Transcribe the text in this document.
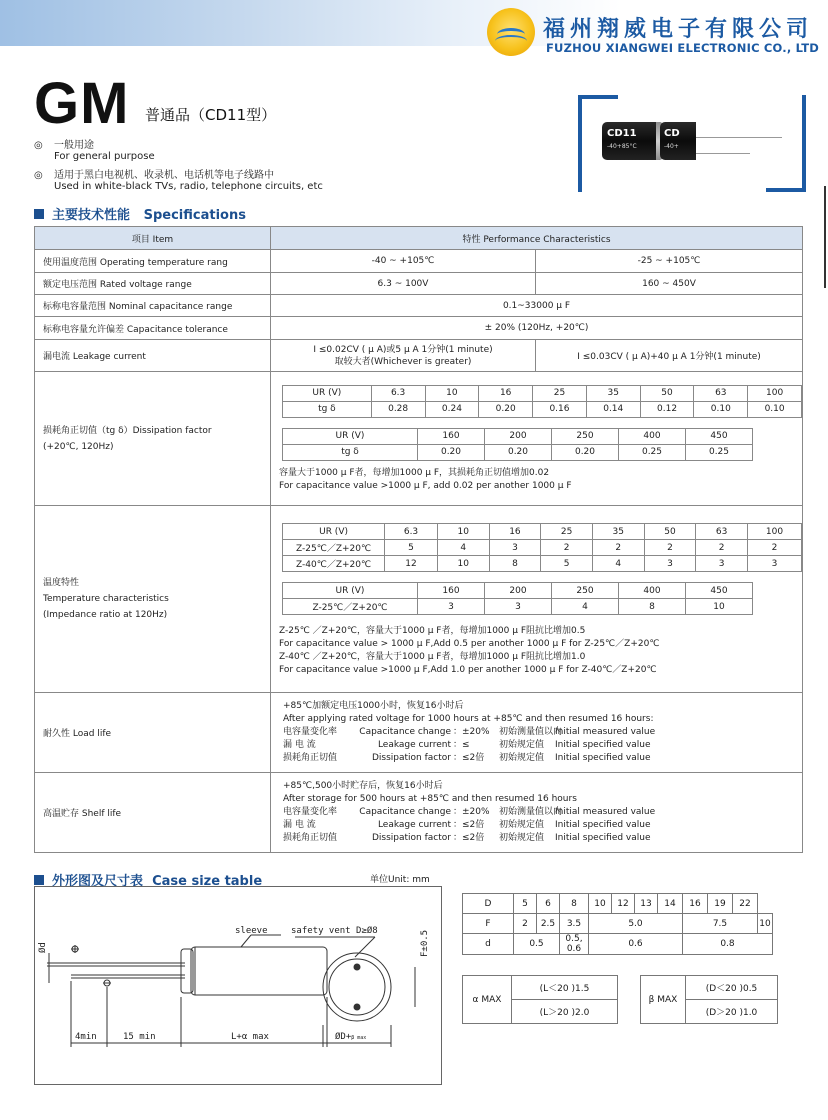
福州翔威电子有限公司
FUZHOU XIANGWEI ELECTRONIC CO., LTD
GM 普通品（CD11型）
◎ 一般用途
For general purpose
◎ 适用于黑白电视机、收录机、电话机等电子线路中
Used in white-black TVs, radio, telephone circuits, etc
CD11
-40+85°C
CD
-40+
主要技术性能 Specifications
项目 Item	特性 Performance Characteristics
使用温度范围 Operating temperature rang	-40 ~ +105℃	-25 ~ +105℃
额定电压范围 Rated voltage range	6.3 ~ 100V	160 ~ 450V
标称电容量范围 Nominal capacitance range	0.1~33000 μ F
标称电容量允许偏差 Capacitance tolerance	± 20% (120Hz, +20℃)
漏电流 Leakage current	
I ≤0.02CV ( μ A)或5 μ A 1分钟(1 minute)
取较大者(Whichever is greater)	I ≤0.03CV ( μ A)+40 μ A 1分钟(1 minute)

损耗角正切值（tg δ）Dissipation factor
(+20℃, 120Hz)

UR (V)	6.3	10	16	25	35	50	63	100
tg δ	0.28	0.24	0.20	0.16	0.14	0.12	0.10	0.10
UR (V)	160	200	250	400	450
tg δ	0.20	0.20	0.20	0.25	0.25
容量大于1000 μ F者，每增加1000 μ F，其损耗角正切值增加0.02
For capacitance value >1000 μ F, add 0.02 per another 1000 μ F

温度特性
Temperature characteristics
(Impedance ratio at 120Hz)

UR (V)	6.3	10	16	25	35	50	63	100
Z-25℃／Z+20℃	5	4	3	2	2	2	2	2
Z-40℃／Z+20℃	12	10	8	5	4	3	3	3
UR (V)	160	200	250	400	450
Z-25℃／Z+20℃	3	3	4	8	10
Z-25℃ ／Z+20℃，容量大于1000 μ F者，每增加1000 μ F阻抗比增加0.5
For capacitance value > 1000 μ F,Add 0.5 per another 1000 μ F for Z-25℃／Z+20℃
Z-40℃ ／Z+20℃，容量大于1000 μ F者，每增加1000 μ F阻抗比增加1.0
For capacitance value >1000 μ F,Add 1.0 per another 1000 μ F for Z-40℃／Z+20℃

耐久性 Load life	
+85℃加额定电压1000小时，恢复16小时后
After applying rated voltage for 1000 hours at +85℃ and then resumed 16 hours:
电容量变化率 Capacitance change ：±20% 初始测量值以内Initial measured value
漏 电 流	Leakage current ：≤	初始规定值 Initial specified value
损耗角正切值	Dissipation factor ：≤2倍 初始规定值 Initial specified value

高温贮存 Shelf life	
+85℃,500小时贮存后，恢复16小时后
After storage for 500 hours at +85℃ and then resumed 16 hours
电容量变化率 Capacitance change ：±20% 初始测量值以内Initial measured value
漏 电 流	Leakage current ：≤2倍 初始规定值 Initial specified value
损耗角正切值	Dissipation factor ：≤2倍 初始规定值 Initial specified value
外形图及尺寸表 Case size table	单位Unit: mm
Ød
sleeve	safety vent D≥Ø8	F±0.5
4min	15 min	L+α max	ØD+β max
D	5	6	8	10	12	13	14	16	19	22	
F	2	2.5	3.5	5.0				7.5			10
d	0.5		0.5, 0.6	0.6				0.8			
α MAX	(L＜20 )1.5
(L＞20 )2.0
β MAX	(D＜20 )0.5
(D＞20 )1.0
